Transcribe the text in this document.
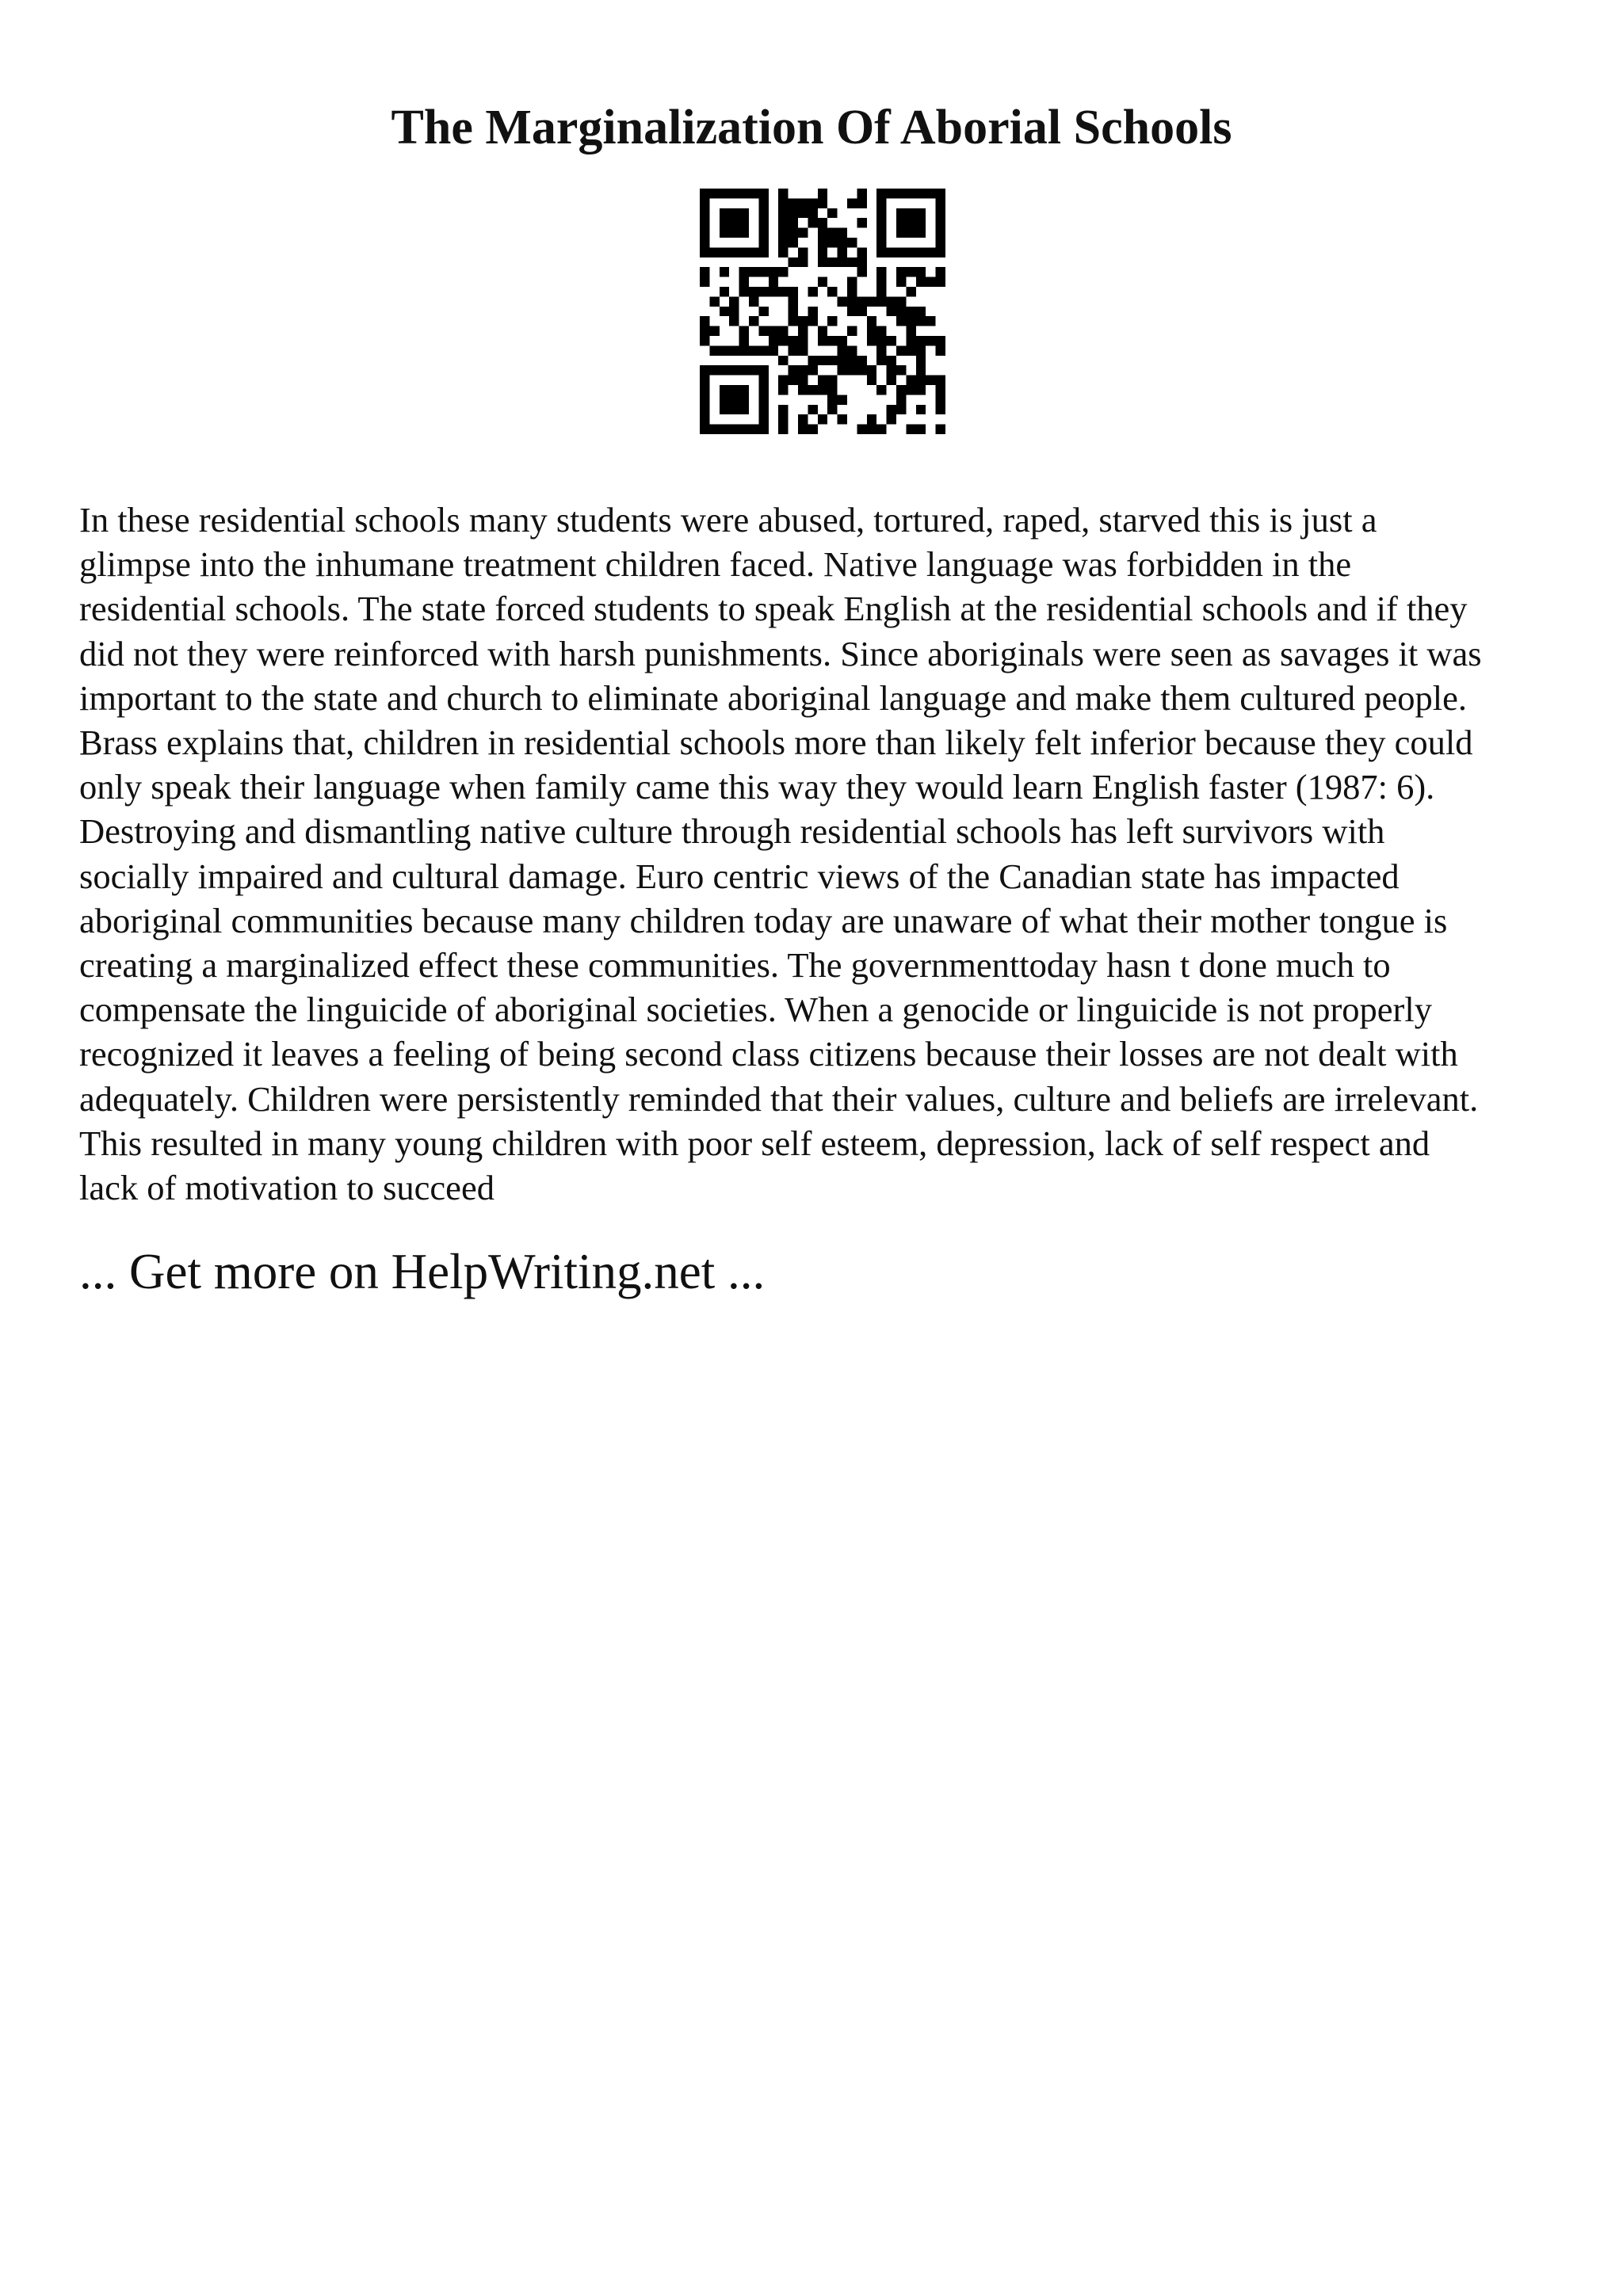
The Marginalization Of Aborial Schools

In these residential schools many students were abused, tortured, raped, starved this is just a
glimpse into the inhumane treatment children faced. Native language was forbidden in the
residential schools. The state forced students to speak English at the residential schools and if they
did not they were reinforced with harsh punishments. Since aboriginals were seen as savages it was
important to the state and church to eliminate aboriginal language and make them cultured people.
Brass explains that, children in residential schools more than likely felt inferior because they could
only speak their language when family came this way they would learn English faster (1987: 6).
Destroying and dismantling native culture through residential schools has left survivors with
socially impaired and cultural damage. Euro centric views of the Canadian state has impacted
aboriginal communities because many children today are unaware of what their mother tongue is
creating a marginalized effect these communities. The governmenttoday hasn t done much to
compensate the linguicide of aboriginal societies. When a genocide or linguicide is not properly
recognized it leaves a feeling of being second class citizens because their losses are not dealt with
adequately. Children were persistently reminded that their values, culture and beliefs are irrelevant.
This resulted in many young children with poor self esteem, depression, lack of self respect and
lack of motivation to succeed

... Get more on HelpWriting.net ...
